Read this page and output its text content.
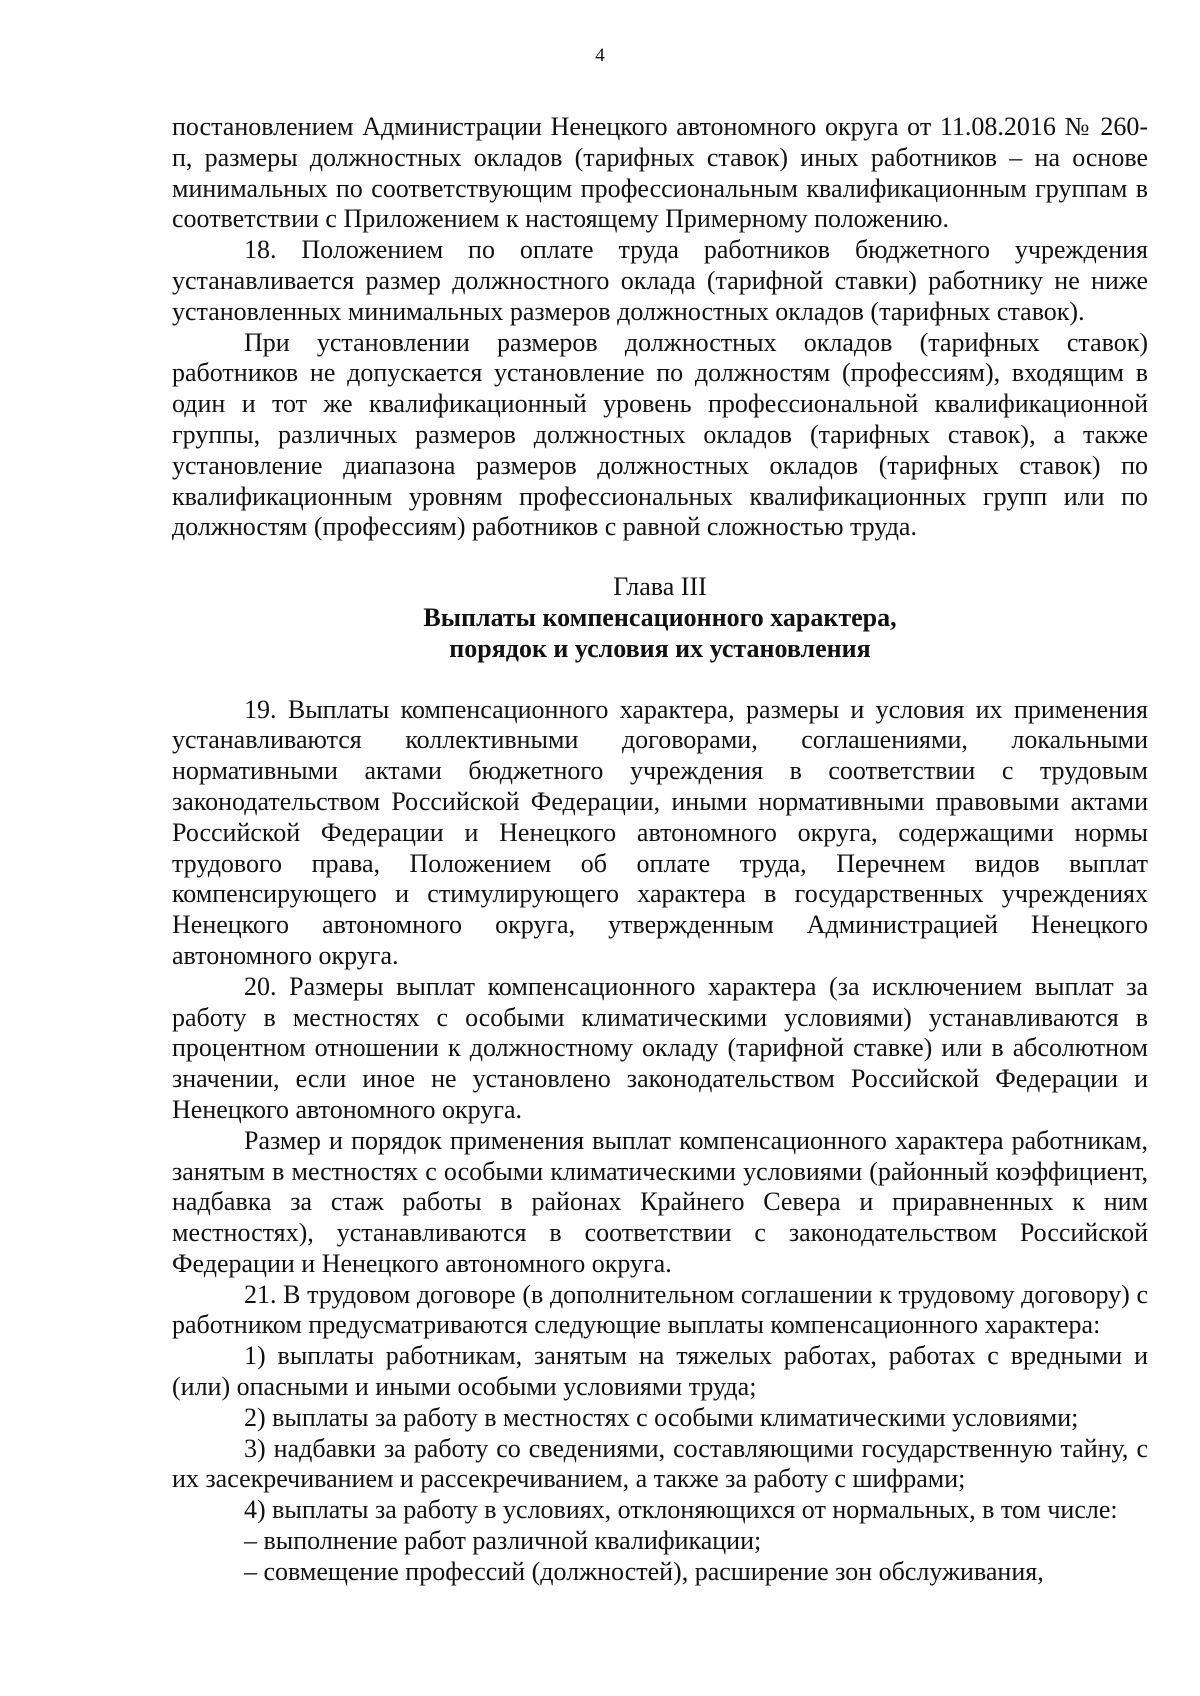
4

постановлением Администрации Ненецкого автономного округа от 11.08.2016 № 260-п, размеры должностных окладов (тарифных ставок) иных работников – на основе минимальных по соответствующим профессиональным квалификационным группам в соответствии с Приложением к настоящему Примерному положению.

18. Положением по оплате труда работников бюджетного учреждения устанавливается размер должностного оклада (тарифной ставки) работнику не ниже установленных минимальных размеров должностных окладов (тарифных ставок).

При установлении размеров должностных окладов (тарифных ставок) работников не допускается установление по должностям (профессиям), входящим в один и тот же квалификационный уровень профессиональной квалификационной группы, различных размеров должностных окладов (тарифных ставок), а также установление диапазона размеров должностных окладов (тарифных ставок) по квалификационным уровням профессиональных квалификационных групп или по должностям (профессиям) работников с равной сложностью труда.

Глава III

Выплаты компенсационного характера,

порядок и условия их установления

19. Выплаты компенсационного характера, размеры и условия их применения устанавливаются коллективными договорами, соглашениями, локальными нормативными актами бюджетного учреждения в соответствии с трудовым законодательством Российской Федерации, иными нормативными правовыми актами Российской Федерации и Ненецкого автономного округа, содержащими нормы трудового права, Положением об оплате труда, Перечнем видов выплат компенсирующего и стимулирующего характера в государственных учреждениях Ненецкого автономного округа, утвержденным Администрацией Ненецкого автономного округа.

20. Размеры выплат компенсационного характера (за исключением выплат за работу в местностях с особыми климатическими условиями) устанавливаются в процентном отношении к должностному окладу (тарифной ставке) или в абсолютном значении, если иное не установлено законодательством Российской Федерации и Ненецкого автономного округа.

Размер и порядок применения выплат компенсационного характера работникам, занятым в местностях с особыми климатическими условиями (районный коэффициент, надбавка за стаж работы в районах Крайнего Севера и приравненных к ним местностях), устанавливаются в соответствии с законодательством Российской Федерации и Ненецкого автономного округа.

21. В трудовом договоре (в дополнительном соглашении к трудовому договору) с работником предусматриваются следующие выплаты компенсационного характера:

1) выплаты работникам, занятым на тяжелых работах, работах с вредными и (или) опасными и иными особыми условиями труда;

2) выплаты за работу в местностях с особыми климатическими условиями;

3) надбавки за работу со сведениями, составляющими государственную тайну, с их засекречиванием и рассекречиванием, а также за работу с шифрами;

4) выплаты за работу в условиях, отклоняющихся от нормальных, в том числе:

– выполнение работ различной квалификации;

– совмещение профессий (должностей), расширение зон обслуживания,
